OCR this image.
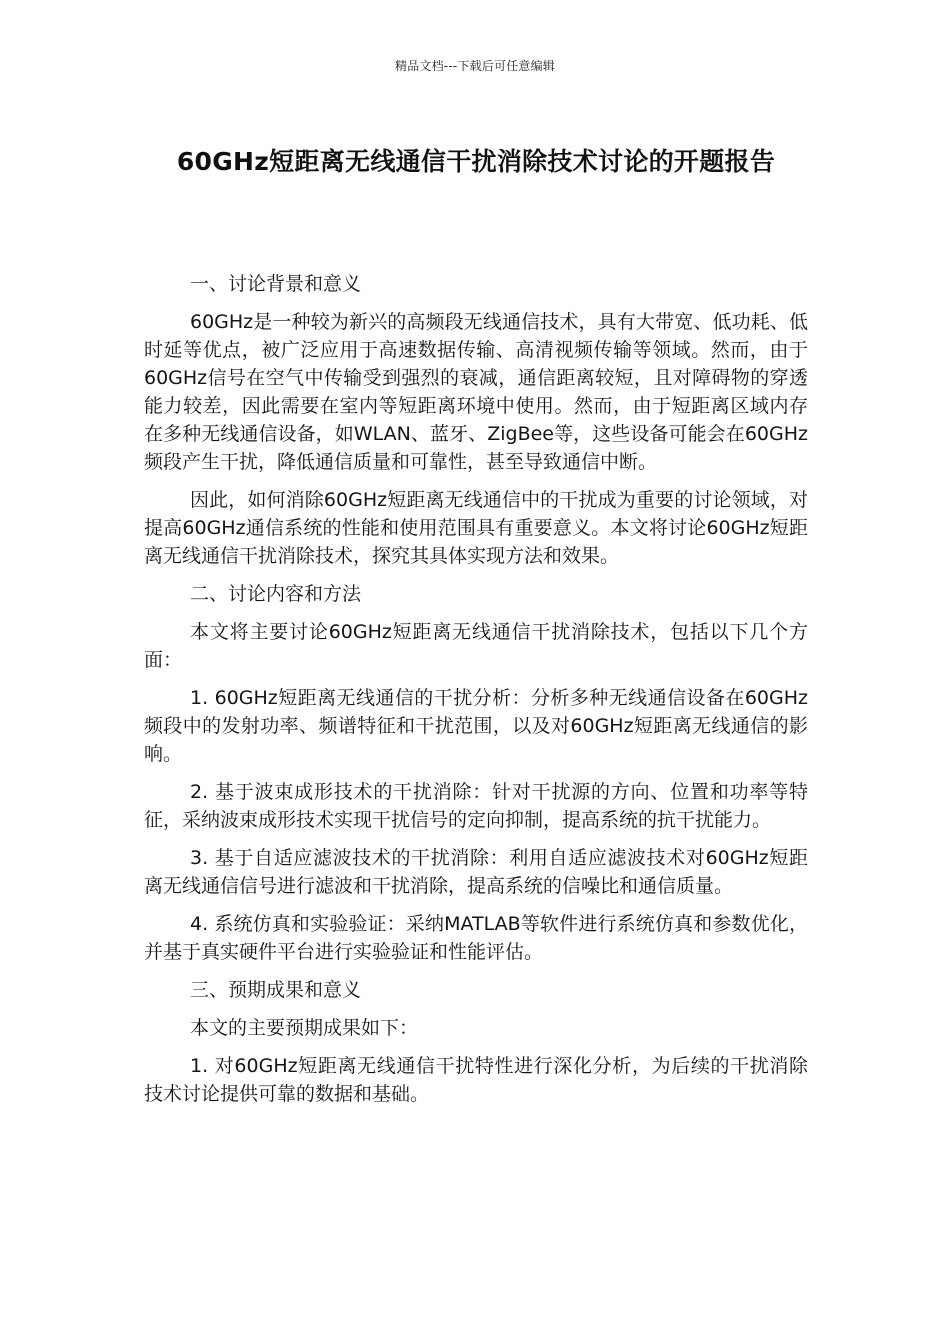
精品文档---下载后可任意编辑
60GHz短距离无线通信干扰消除技术讨论的开题报告

一、讨论背景和意义

60GHz是一种较为新兴的高频段无线通信技术，具有大带宽、低功耗、低时延等优点，被广泛应用于高速数据传输、高清视频传输等领域。然而，由于60GHz信号在空气中传输受到强烈的衰减，通信距离较短，且对障碍物的穿透能力较差，因此需要在室内等短距离环境中使用。然而，由于短距离区域内存在多种无线通信设备，如WLAN、蓝牙、ZigBee等，这些设备可能会在60GHz频段产生干扰，降低通信质量和可靠性，甚至导致通信中断。

因此，如何消除60GHz短距离无线通信中的干扰成为重要的讨论领域，对提高60GHz通信系统的性能和使用范围具有重要意义。本文将讨论60GHz短距离无线通信干扰消除技术，探究其具体实现方法和效果。

二、讨论内容和方法

本文将主要讨论60GHz短距离无线通信干扰消除技术，包括以下几个方面：

1. 60GHz短距离无线通信的干扰分析：分析多种无线通信设备在60GHz频段中的发射功率、频谱特征和干扰范围，以及对60GHz短距离无线通信的影响。

2. 基于波束成形技术的干扰消除：针对干扰源的方向、位置和功率等特征，采纳波束成形技术实现干扰信号的定向抑制，提高系统的抗干扰能力。

3. 基于自适应滤波技术的干扰消除：利用自适应滤波技术对60GHz短距离无线通信信号进行滤波和干扰消除，提高系统的信噪比和通信质量。

4. 系统仿真和实验验证：采纳MATLAB等软件进行系统仿真和参数优化，并基于真实硬件平台进行实验验证和性能评估。

三、预期成果和意义

本文的主要预期成果如下：

1. 对60GHz短距离无线通信干扰特性进行深化分析，为后续的干扰消除技术讨论提供可靠的数据和基础。
